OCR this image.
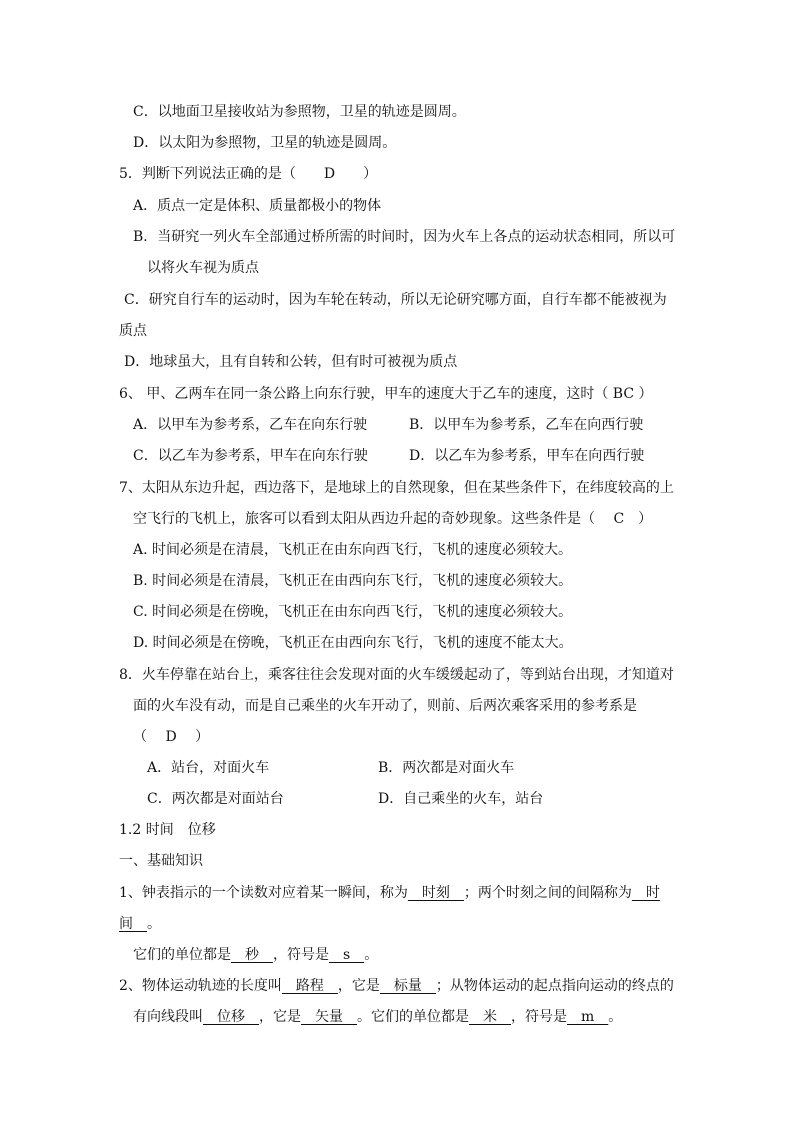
C．以地面卫星接收站为参照物，卫星的轨迹是圆周。
D．以太阳为参照物，卫星的轨迹是圆周。
5．判断下列说法正确的是（　　D　　）
A．质点一定是体积、质量都极小的物体
B．当研究一列火车全部通过桥所需的时间时，因为火车上各点的运动状态相同，所以可
以将火车视为质点
C．研究自行车的运动时，因为车轮在转动，所以无论研究哪方面，自行车都不能被视为
质点
D．地球虽大，且有自转和公转，但有时可被视为质点
6、 甲、乙两车在同一条公路上向东行驶，甲车的速度大于乙车的速度，这时（ BC ）
A．以甲车为参考系，乙车在向东行驶	B．以甲车为参考系，乙车在向西行驶
C．以乙车为参考系，甲车在向东行驶	D．以乙车为参考系，甲车在向西行驶
7、太阳从东边升起，西边落下，是地球上的自然现象，但在某些条件下，在纬度较高的上
空飞行的飞机上，旅客可以看到太阳从西边升起的奇妙现象。这些条件是（　 C　）
A. 时间必须是在清晨，飞机正在由东向西飞行，飞机的速度必须较大。
B. 时间必须是在清晨，飞机正在由西向东飞行，飞机的速度必须较大。
C. 时间必须是在傍晚，飞机正在由东向西飞行，飞机的速度必须较大。
D. 时间必须是在傍晚，飞机正在由西向东飞行，飞机的速度不能太大。
8．火车停靠在站台上，乘客往往会发现对面的火车缓缓起动了，等到站台出现，才知道对
面的火车没有动，而是自己乘坐的火车开动了，则前、后两次乘客采用的参考系是
（　 D　 ）
A．站台，对面火车	B．两次都是对面火车
C．两次都是对面站台	D．自己乘坐的火车，站台
1.2 时间　位移
一、基础知识
1、钟表指示的一个读数对应着某一瞬间，称为　时刻　；两个时刻之间的间隔称为　时
间　。
它们的单位都是　秒　，符号是　s　。
2、物体运动轨迹的长度叫　路程　，它是　标量　；从物体运动的起点指向运动的终点的
有向线段叫　位移　，它是　矢量　。它们的单位都是　米　，符号是　m　。
